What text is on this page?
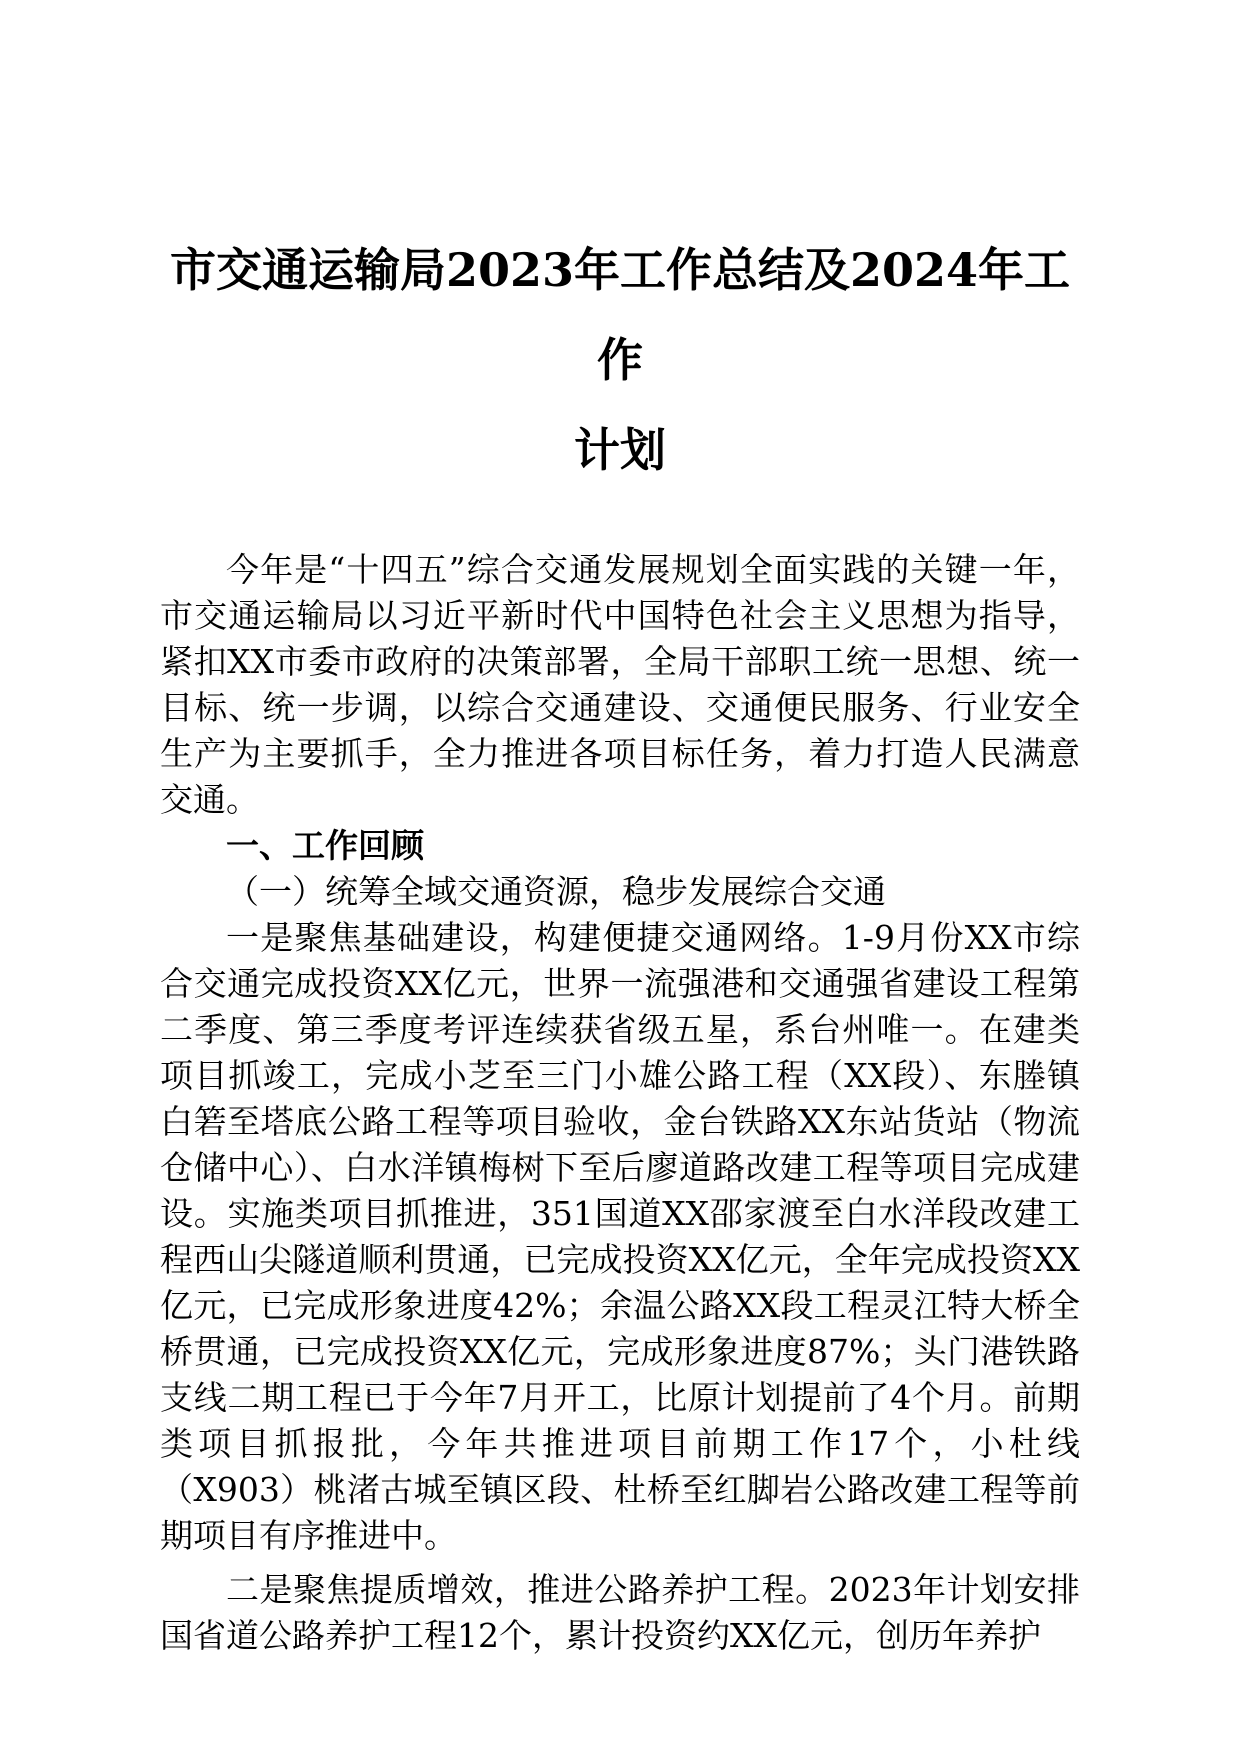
市交通运输局2023年工作总结及2024年工作
计划

今年是“十四五”综合交通发展规划全面实践的关键一年，市交通运输局以习近平新时代中国特色社会主义思想为指导，紧扣XX市委市政府的决策部署，全局干部职工统一思想、统一目标、统一步调，以综合交通建设、交通便民服务、行业安全生产为主要抓手，全力推进各项目标任务，着力打造人民满意交通。

一、工作回顾

（一）统筹全域交通资源，稳步发展综合交通

一是聚焦基础建设，构建便捷交通网络。1-9月份XX市综合交通完成投资XX亿元，世界一流强港和交通强省建设工程第二季度、第三季度考评连续获省级五星，系台州唯一。在建类项目抓竣工，完成小芝至三门小雄公路工程（XX段）、东塍镇白箬至塔底公路工程等项目验收，金台铁路XX东站货站（物流仓储中心）、白水洋镇梅树下至后廖道路改建工程等项目完成建设。实施类项目抓推进，351国道XX邵家渡至白水洋段改建工程西山尖隧道顺利贯通，已完成投资XX亿元，全年完成投资XX亿元，已完成形象进度42%；余温公路XX段工程灵江特大桥全桥贯通，已完成投资XX亿元，完成形象进度87%；头门港铁路支线二期工程已于今年7月开工，比原计划提前了4个月。前期类项目抓报批，今年共推进项目前期工作17个，小杜线（X903）桃渚古城至镇区段、杜桥至红脚岩公路改建工程等前期项目有序推进中。

二是聚焦提质增效，推进公路养护工程。2023年计划安排国省道公路养护工程12个，累计投资约XX亿元，创历年养护
